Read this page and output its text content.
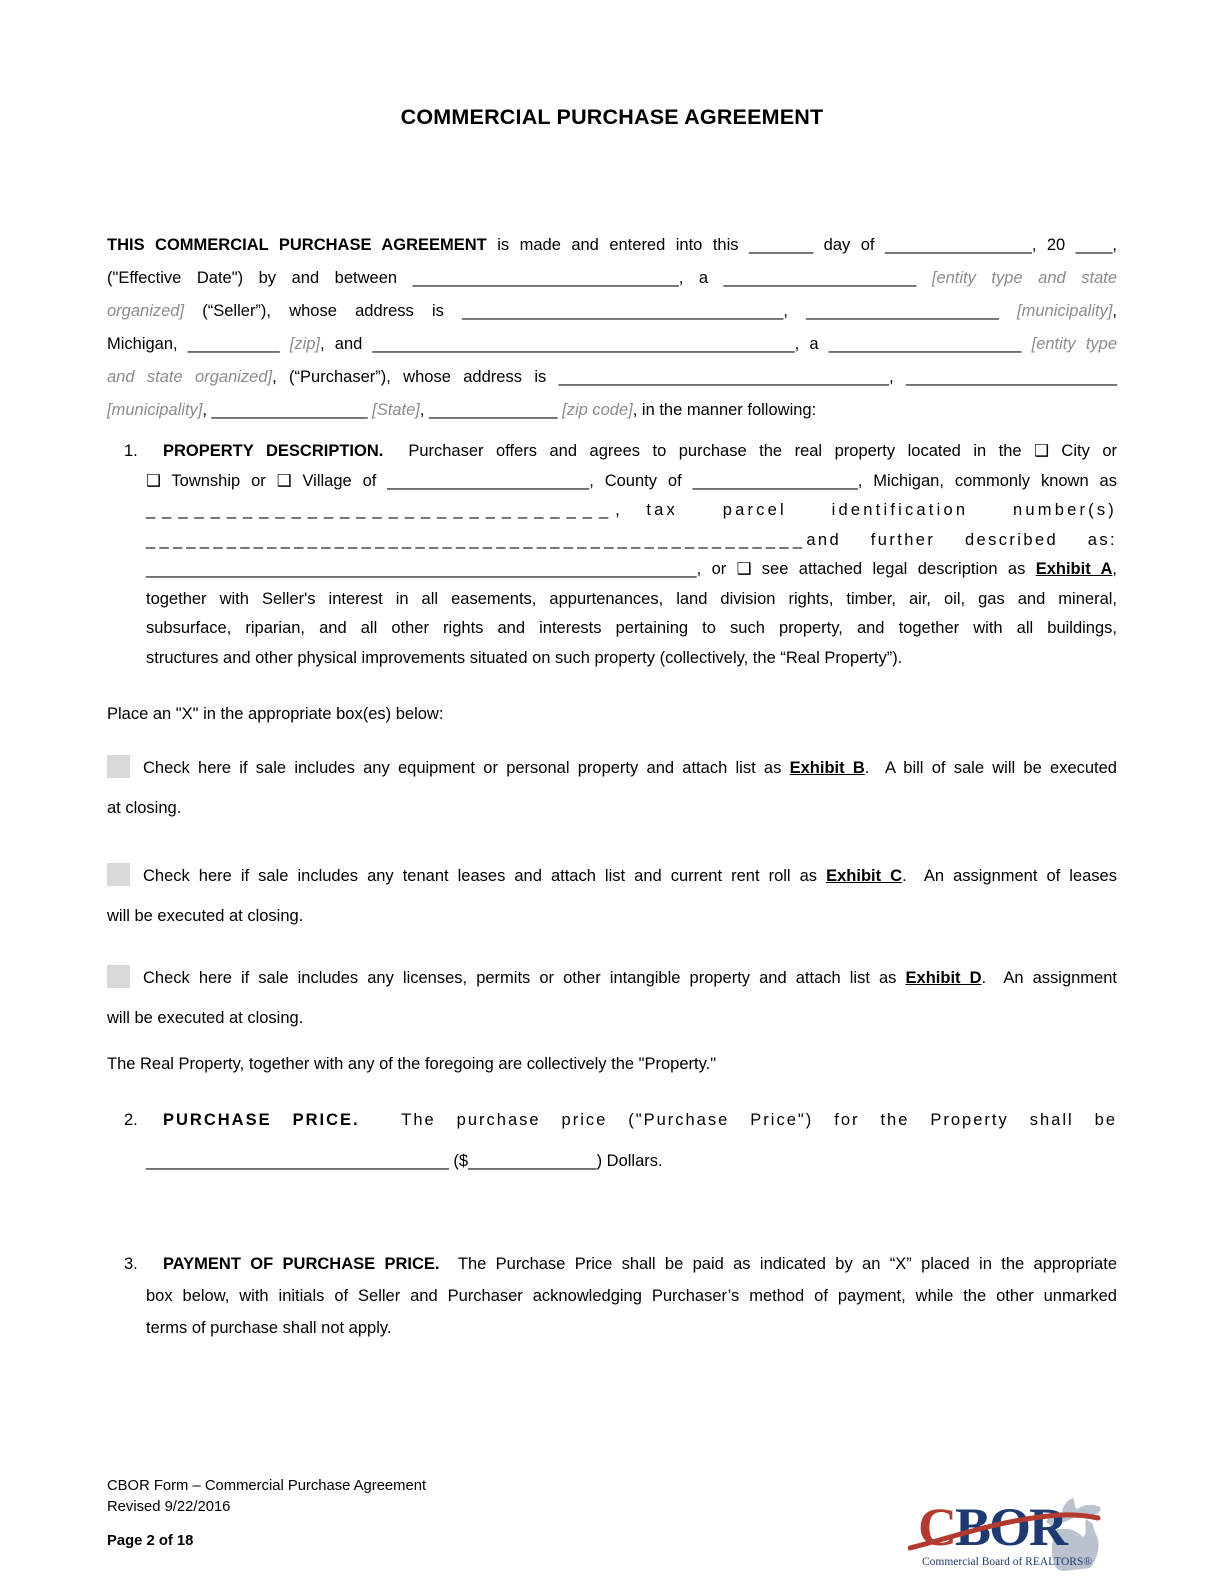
COMMERCIAL PURCHASE AGREEMENT
THIS COMMERCIAL PURCHASE AGREEMENT is made and entered into this _______ day of ________________, 20 ____,
("Effective Date") by and between _____________________________, a _____________________ [entity type and state
organized] (“Seller”), whose address is ___________________________________, _____________________ [municipality],
Michigan, __________ [zip], and ______________________________________________, a _____________________ [entity type
and state organized], (“Purchaser”), whose address is ____________________________________, _______________________
[municipality], _________________ [State], ______________ [zip code], in the manner following:
1.	PROPERTY DESCRIPTION.  Purchaser offers and agrees to purchase the real property located in the ❑ City or
❑ Township or ❑ Village of ______________________, County of __________________, Michigan, commonly known as
_____________________________, tax parcel identification number(s)
_________________________________________________and further described as:
____________________________________________________________, or ❑ see attached legal description as Exhibit A,
together with Seller's interest in all easements, appurtenances, land division rights, timber, air, oil, gas and mineral,
subsurface, riparian, and all other rights and interests pertaining to such property, and together with all buildings,
structures and other physical improvements situated on such property (collectively, the “Real Property”).
Place an "X" in the appropriate box(es) below:
Check here if sale includes any equipment or personal property and attach list as Exhibit B.  A bill of sale will be executed
at closing.
Check here if sale includes any tenant leases and attach list and current rent roll as Exhibit C.  An assignment of leases
will be executed at closing.
Check here if sale includes any licenses, permits or other intangible property and attach list as Exhibit D.  An assignment
will be executed at closing.
The Real Property, together with any of the foregoing are collectively the "Property."
2.	PURCHASE PRICE.  The purchase price ("Purchase Price") for the Property shall be
_________________________________ ($______________) Dollars.
3.	PAYMENT OF PURCHASE PRICE.  The Purchase Price shall be paid as indicated by an “X” placed in the appropriate
box below, with initials of Seller and Purchaser acknowledging Purchaser’s method of payment, while the other unmarked
terms of purchase shall not apply.
CBOR Form – Commercial Purchase Agreement
Revised 9/22/2016
Page 2 of 18	CBOR
Commercial Board of REALTORS®
